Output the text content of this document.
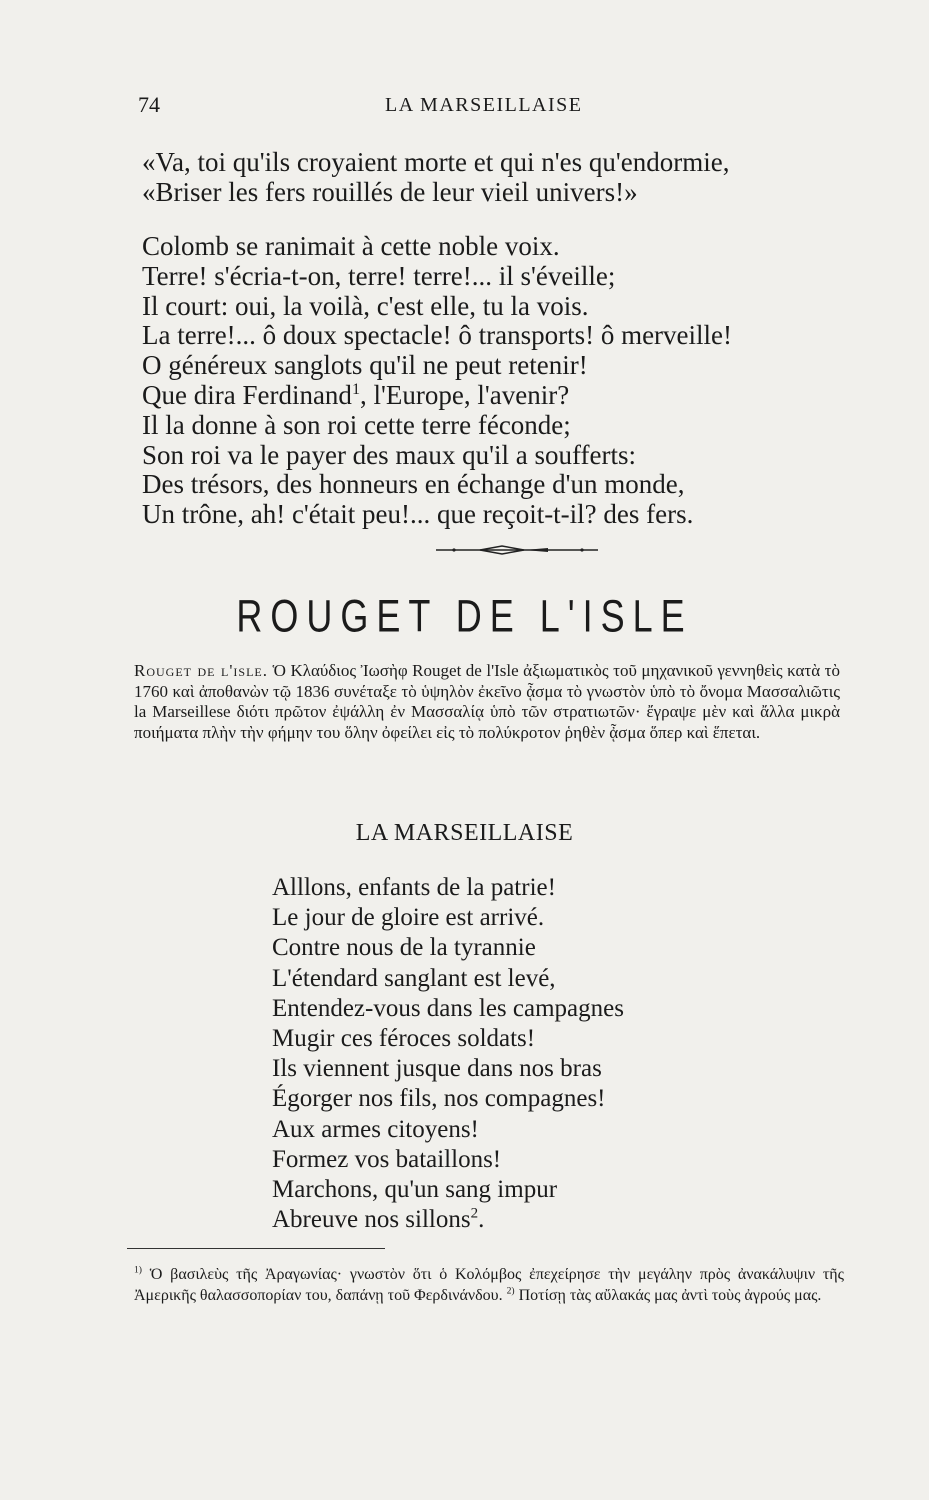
74	LA MARSEILLAISE
«Va, toi qu'ils croyaient morte et qui n'es qu'endormie,
«Briser les fers rouillés de leur vieil univers!»
Colomb se ranimait à cette noble voix.
Terre! s'écria-t-on, terre! terre!... il s'éveille;
Il court: oui, la voilà, c'est elle, tu la vois.
La terre!... ô doux spectacle! ô transports! ô merveille!
O généreux sanglots qu'il ne peut retenir!
Que dira Ferdinand$^1$, l'Europe, l'avenir?
Il la donne à son roi cette terre féconde;
Son roi va le payer des maux qu'il a soufferts:
Des trésors, des honneurs en échange d'un monde,
Un trône, ah! c'était peu!... que reçoit-t-il? des fers.
ROUGET DE L'ISLE
Rouget de l'isle. Ὁ Κλαύδιος Ἰωσὴφ Rouget de l'Isle ἀξιωματικὸς τοῦ μηχανικοῦ γεννηθεὶς κατὰ τὸ 1760 καὶ ἀποθανὼν τῷ 1836 συνέταξε τὸ ὑψηλὸν ἐκεῖνο ᾆσμα τὸ γνωστὸν ὑπὸ τὸ ὄνομα Μασσαλιῶτις la Marseillese διότι πρῶτον ἐψάλλη ἐν Μασσαλίᾳ ὑπὸ τῶν στρατιωτῶν· ἔγραψε μὲν καὶ ἄλλα μικρὰ ποιήματα πλὴν τὴν φήμην του ὅλην ὀφείλει εἰς τὸ πολύκροτον ῥηθὲν ᾆσμα ὅπερ καὶ ἕπεται.
LA MARSEILLAISE
Alllons, enfants de la patrie!
Le jour de gloire est arrivé.
Contre nous de la tyrannie
L'étendard sanglant est levé,
Entendez-vous dans les campagnes
Mugir ces féroces soldats!
Ils viennent jusque dans nos bras
Égorger nos fils, nos compagnes!
Aux armes citoyens!
Formez vos bataillons!
Marchons, qu'un sang impur
Abreuve nos sillons$^2$.
$^{1)}$ Ὁ βασιλεὺς τῆς Ἀραγωνίας· γνωστὸν ὅτι ὁ Κολόμβος ἐπεχείρησε τὴν μεγάλην πρὸς ἀνακάλυψιν τῆς Ἀμερικῆς θαλασσοπορίαν του, δαπάνῃ τοῦ Φερδινάνδου. $^{2)}$ Ποτίσῃ τὰς αὔλακάς μας ἀντὶ τοὺς ἀγρούς μας.
